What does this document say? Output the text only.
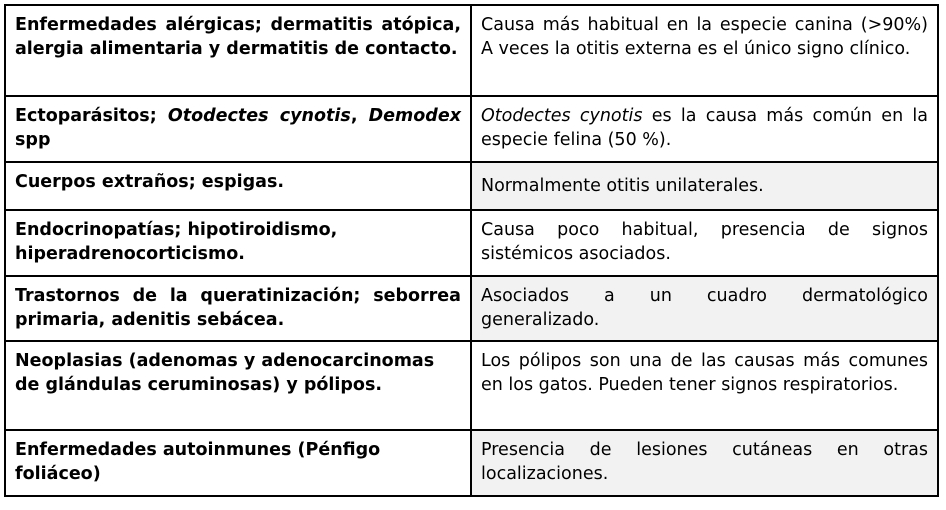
Enfermedades alérgicas; dermatitis atópica, alergia alimentaria y dermatitis de contacto.	Causa más habitual en la especie canina (>90%) A veces la otitis externa es el único signo clínico.
Ectoparásitos; Otodectes cynotis, Demodex spp	Otodectes cynotis es la causa más común en la especie felina (50 %).
Cuerpos extraños; espigas.	Normalmente otitis unilaterales.
Endocrinopatías; hipotiroidismo, hiperadrenocorticismo.	Causa poco habitual, presencia de signos sistémicos asociados.
Trastornos de la queratinización; seborrea primaria, adenitis sebácea.	Asociados a un cuadro dermatológico generalizado.
Neoplasias (adenomas y adenocarcinomas de glándulas ceruminosas) y pólipos.	Los pólipos son una de las causas más comunes en los gatos. Pueden tener signos respiratorios.
Enfermedades autoinmunes (Pénfigo foliáceo)	Presencia de lesiones cutáneas en otras localizaciones.
